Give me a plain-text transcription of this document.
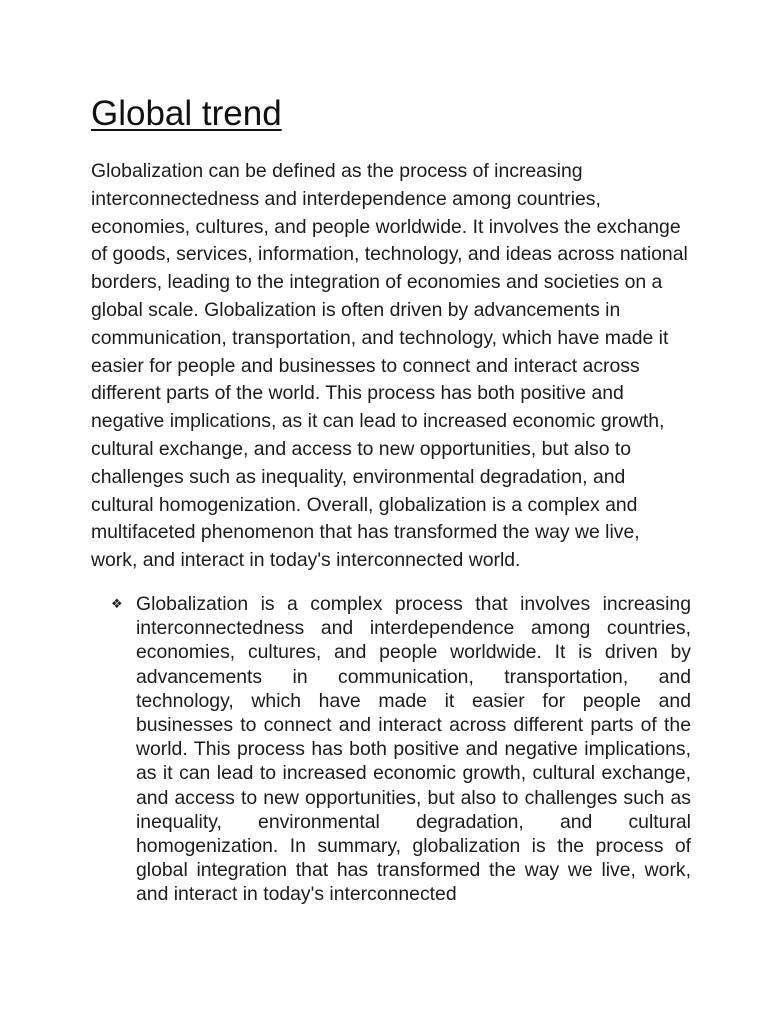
Global trend

Globalization can be defined as the process of increasing interconnectedness and interdependence among countries, economies, cultures, and people worldwide. It involves the exchange of goods, services, information, technology, and ideas across national borders, leading to the integration of economies and societies on a global scale. Globalization is often driven by advancements in communication, transportation, and technology, which have made it easier for people and businesses to connect and interact across different parts of the world. This process has both positive and negative implications, as it can lead to increased economic growth, cultural exchange, and access to new opportunities, but also to challenges such as inequality, environmental degradation, and cultural homogenization. Overall, globalization is a complex and multifaceted phenomenon that has transformed the way we live, work, and interact in today's interconnected world.

❖ Globalization is a complex process that involves increasing interconnectedness and interdependence among countries, economies, cultures, and people worldwide. It is driven by advancements in communication, transportation, and technology, which have made it easier for people and businesses to connect and interact across different parts of the world. This process has both positive and negative implications, as it can lead to increased economic growth, cultural exchange, and access to new opportunities, but also to challenges such as inequality, environmental degradation, and cultural homogenization. In summary, globalization is the process of global integration that has transformed the way we live, work, and interact in today's interconnected
